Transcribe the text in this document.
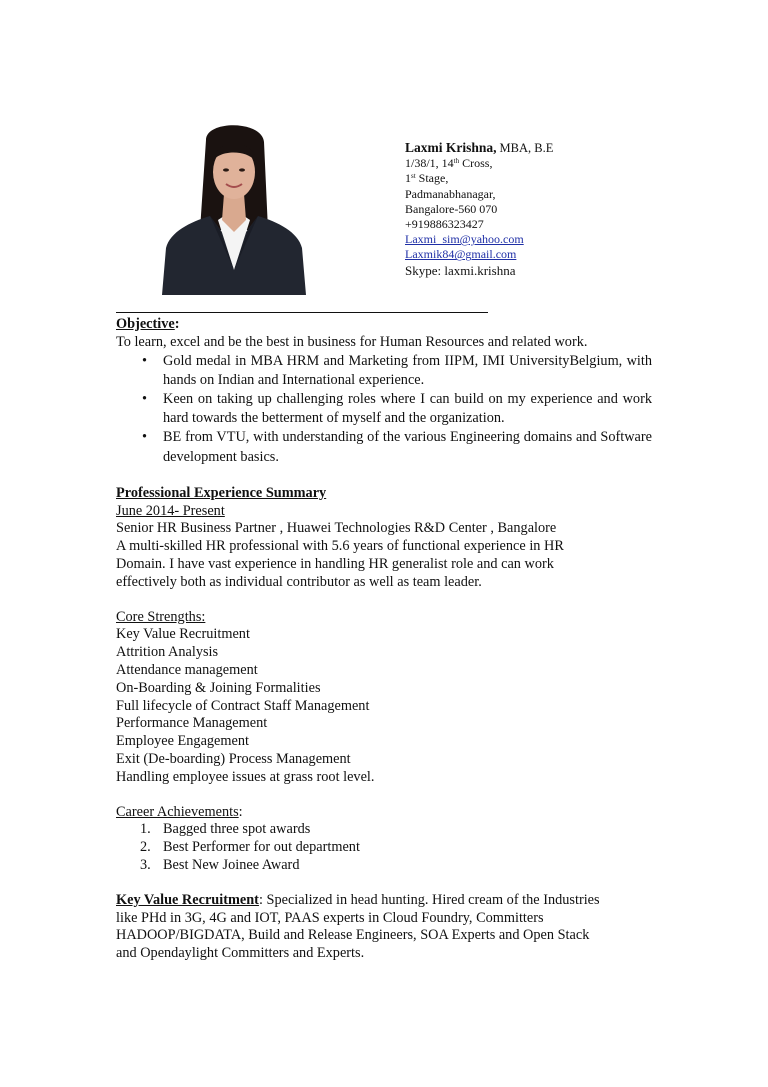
Laxmi Krishna, MBA, B.E
1/38/1, 14th Cross,
1st Stage,
Padmanabhanagar,
Bangalore-560 070
+919886323427
Laxmi_sim@yahoo.com
Laxmik84@gmail.com
Skype: laxmi.krishna
Objective:
To learn, excel and be the best in business for Human Resources and related work.
• Gold medal in MBA HRM and Marketing from IIPM, IMI UniversityBelgium, with hands on Indian and International experience.
• Keen on taking up challenging roles where I can build on my experience and work hard towards the betterment of myself and the organization.
• BE from VTU, with understanding of the various Engineering domains and Software development basics.
Professional Experience Summary
June 2014- Present
Senior HR Business Partner , Huawei Technologies R&D Center , Bangalore
A multi-skilled HR professional with 5.6 years of functional experience in HR
Domain. I have vast experience in handling HR generalist role and can work
effectively both as individual contributor as well as team leader.
Core Strengths:
Key Value Recruitment
Attrition Analysis
Attendance management
On-Boarding & Joining Formalities
Full lifecycle of Contract Staff Management
Performance Management
Employee Engagement
Exit (De-boarding) Process Management
Handling employee issues at grass root level.
Career Achievements:
1. Bagged three spot awards
2. Best Performer for out department
3. Best New Joinee Award
Key Value Recruitment: Specialized in head hunting. Hired cream of the Industries
like PHd in 3G, 4G and IOT, PAAS experts in Cloud Foundry, Committers
HADOOP/BIGDATA, Build and Release Engineers, SOA Experts and Open Stack
and Opendaylight Committers and Experts.
